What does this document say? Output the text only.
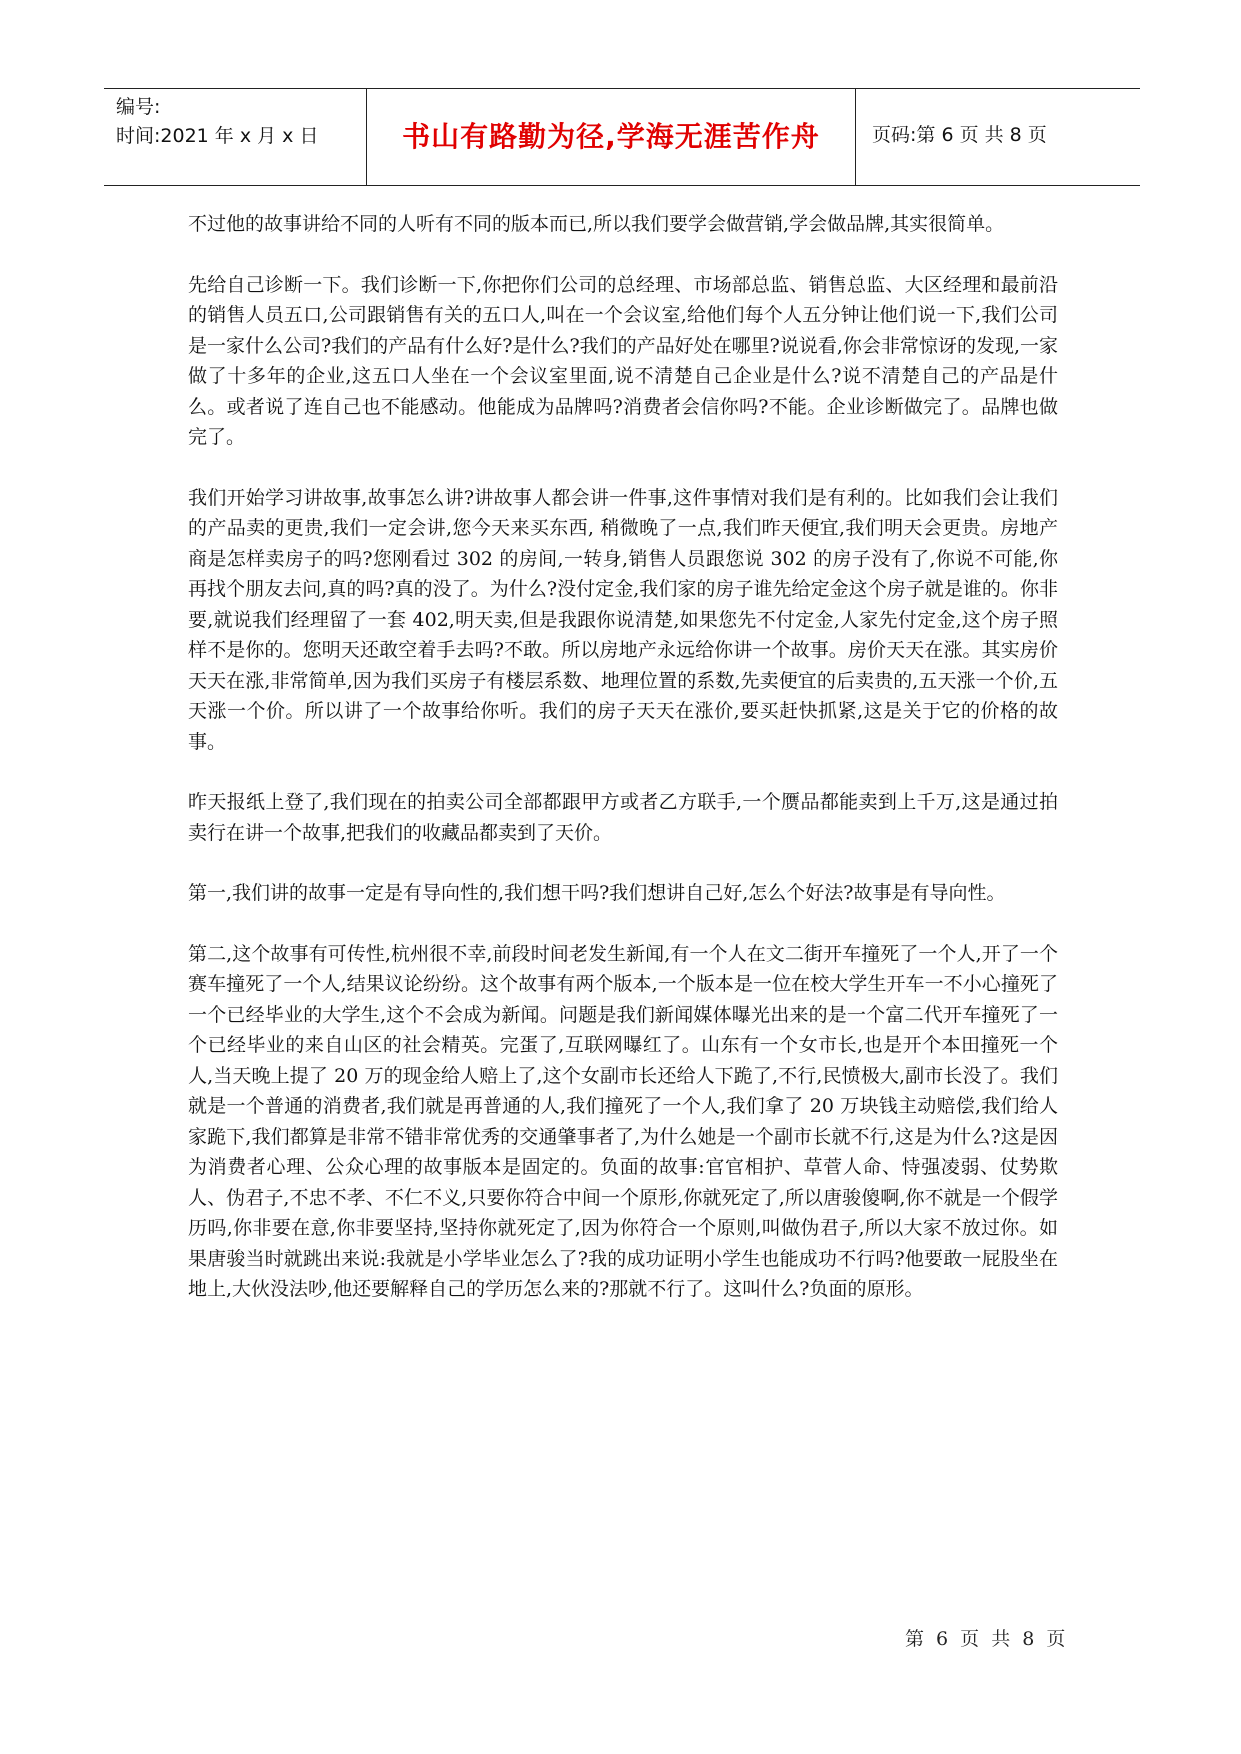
编号:
时间:2021 年 x 月 x 日	书山有路勤为径,学海无涯苦作舟	页码:第 6 页 共 8 页

不过他的故事讲给不同的人听有不同的版本而已,所以我们要学会做营销,学会做品牌,其实很简单。

先给自己诊断一下。我们诊断一下,你把你们公司的总经理、市场部总监、销售总监、大区经理和最前沿的销售人员五口,公司跟销售有关的五口人,叫在一个会议室,给他们每个人五分钟让他们说一下,我们公司是一家什么公司?我们的产品有什么好?是什么?我们的产品好处在哪里?说说看,你会非常惊讶的发现,一家做了十多年的企业,这五口人坐在一个会议室里面,说不清楚自己企业是什么?说不清楚自己的产品是什么。或者说了连自己也不能感动。他能成为品牌吗?消费者会信你吗?不能。企业诊断做完了。品牌也做完了。

我们开始学习讲故事,故事怎么讲?讲故事人都会讲一件事,这件事情对我们是有利的。比如我们会让我们的产品卖的更贵,我们一定会讲,您今天来买东西, 稍微晚了一点,我们昨天便宜,我们明天会更贵。房地产商是怎样卖房子的吗?您刚看过 302 的房间,一转身,销售人员跟您说 302 的房子没有了,你说不可能,你再找个朋友去问,真的吗?真的没了。为什么?没付定金,我们家的房子谁先给定金这个房子就是谁的。你非要,就说我们经理留了一套 402,明天卖,但是我跟你说清楚,如果您先不付定金,人家先付定金,这个房子照样不是你的。您明天还敢空着手去吗?不敢。所以房地产永远给你讲一个故事。房价天天在涨。其实房价天天在涨,非常简单,因为我们买房子有楼层系数、地理位置的系数,先卖便宜的后卖贵的,五天涨一个价,五天涨一个价。所以讲了一个故事给你听。我们的房子天天在涨价,要买赶快抓紧,这是关于它的价格的故事。

昨天报纸上登了,我们现在的拍卖公司全部都跟甲方或者乙方联手,一个赝品都能卖到上千万,这是通过拍卖行在讲一个故事,把我们的收藏品都卖到了天价。

第一,我们讲的故事一定是有导向性的,我们想干吗?我们想讲自己好,怎么个好法?故事是有导向性。

第二,这个故事有可传性,杭州很不幸,前段时间老发生新闻,有一个人在文二街开车撞死了一个人,开了一个赛车撞死了一个人,结果议论纷纷。这个故事有两个版本,一个版本是一位在校大学生开车一不小心撞死了一个已经毕业的大学生,这个不会成为新闻。问题是我们新闻媒体曝光出来的是一个富二代开车撞死了一个已经毕业的来自山区的社会精英。完蛋了,互联网曝红了。山东有一个女市长,也是开个本田撞死一个人,当天晚上提了 20 万的现金给人赔上了,这个女副市长还给人下跪了,不行,民愤极大,副市长没了。我们就是一个普通的消费者,我们就是再普通的人,我们撞死了一个人,我们拿了 20 万块钱主动赔偿,我们给人家跪下,我们都算是非常不错非常优秀的交通肇事者了,为什么她是一个副市长就不行,这是为什么?这是因为消费者心理、公众心理的故事版本是固定的。负面的故事:官官相护、草菅人命、恃强凌弱、仗势欺人、伪君子,不忠不孝、不仁不义,只要你符合中间一个原形,你就死定了,所以唐骏傻啊,你不就是一个假学历吗,你非要在意,你非要坚持,坚持你就死定了,因为你符合一个原则,叫做伪君子,所以大家不放过你。如果唐骏当时就跳出来说:我就是小学毕业怎么了?我的成功证明小学生也能成功不行吗?他要敢一屁股坐在地上,大伙没法吵,他还要解释自己的学历怎么来的?那就不行了。这叫什么?负面的原形。

第 6 页 共 8 页
